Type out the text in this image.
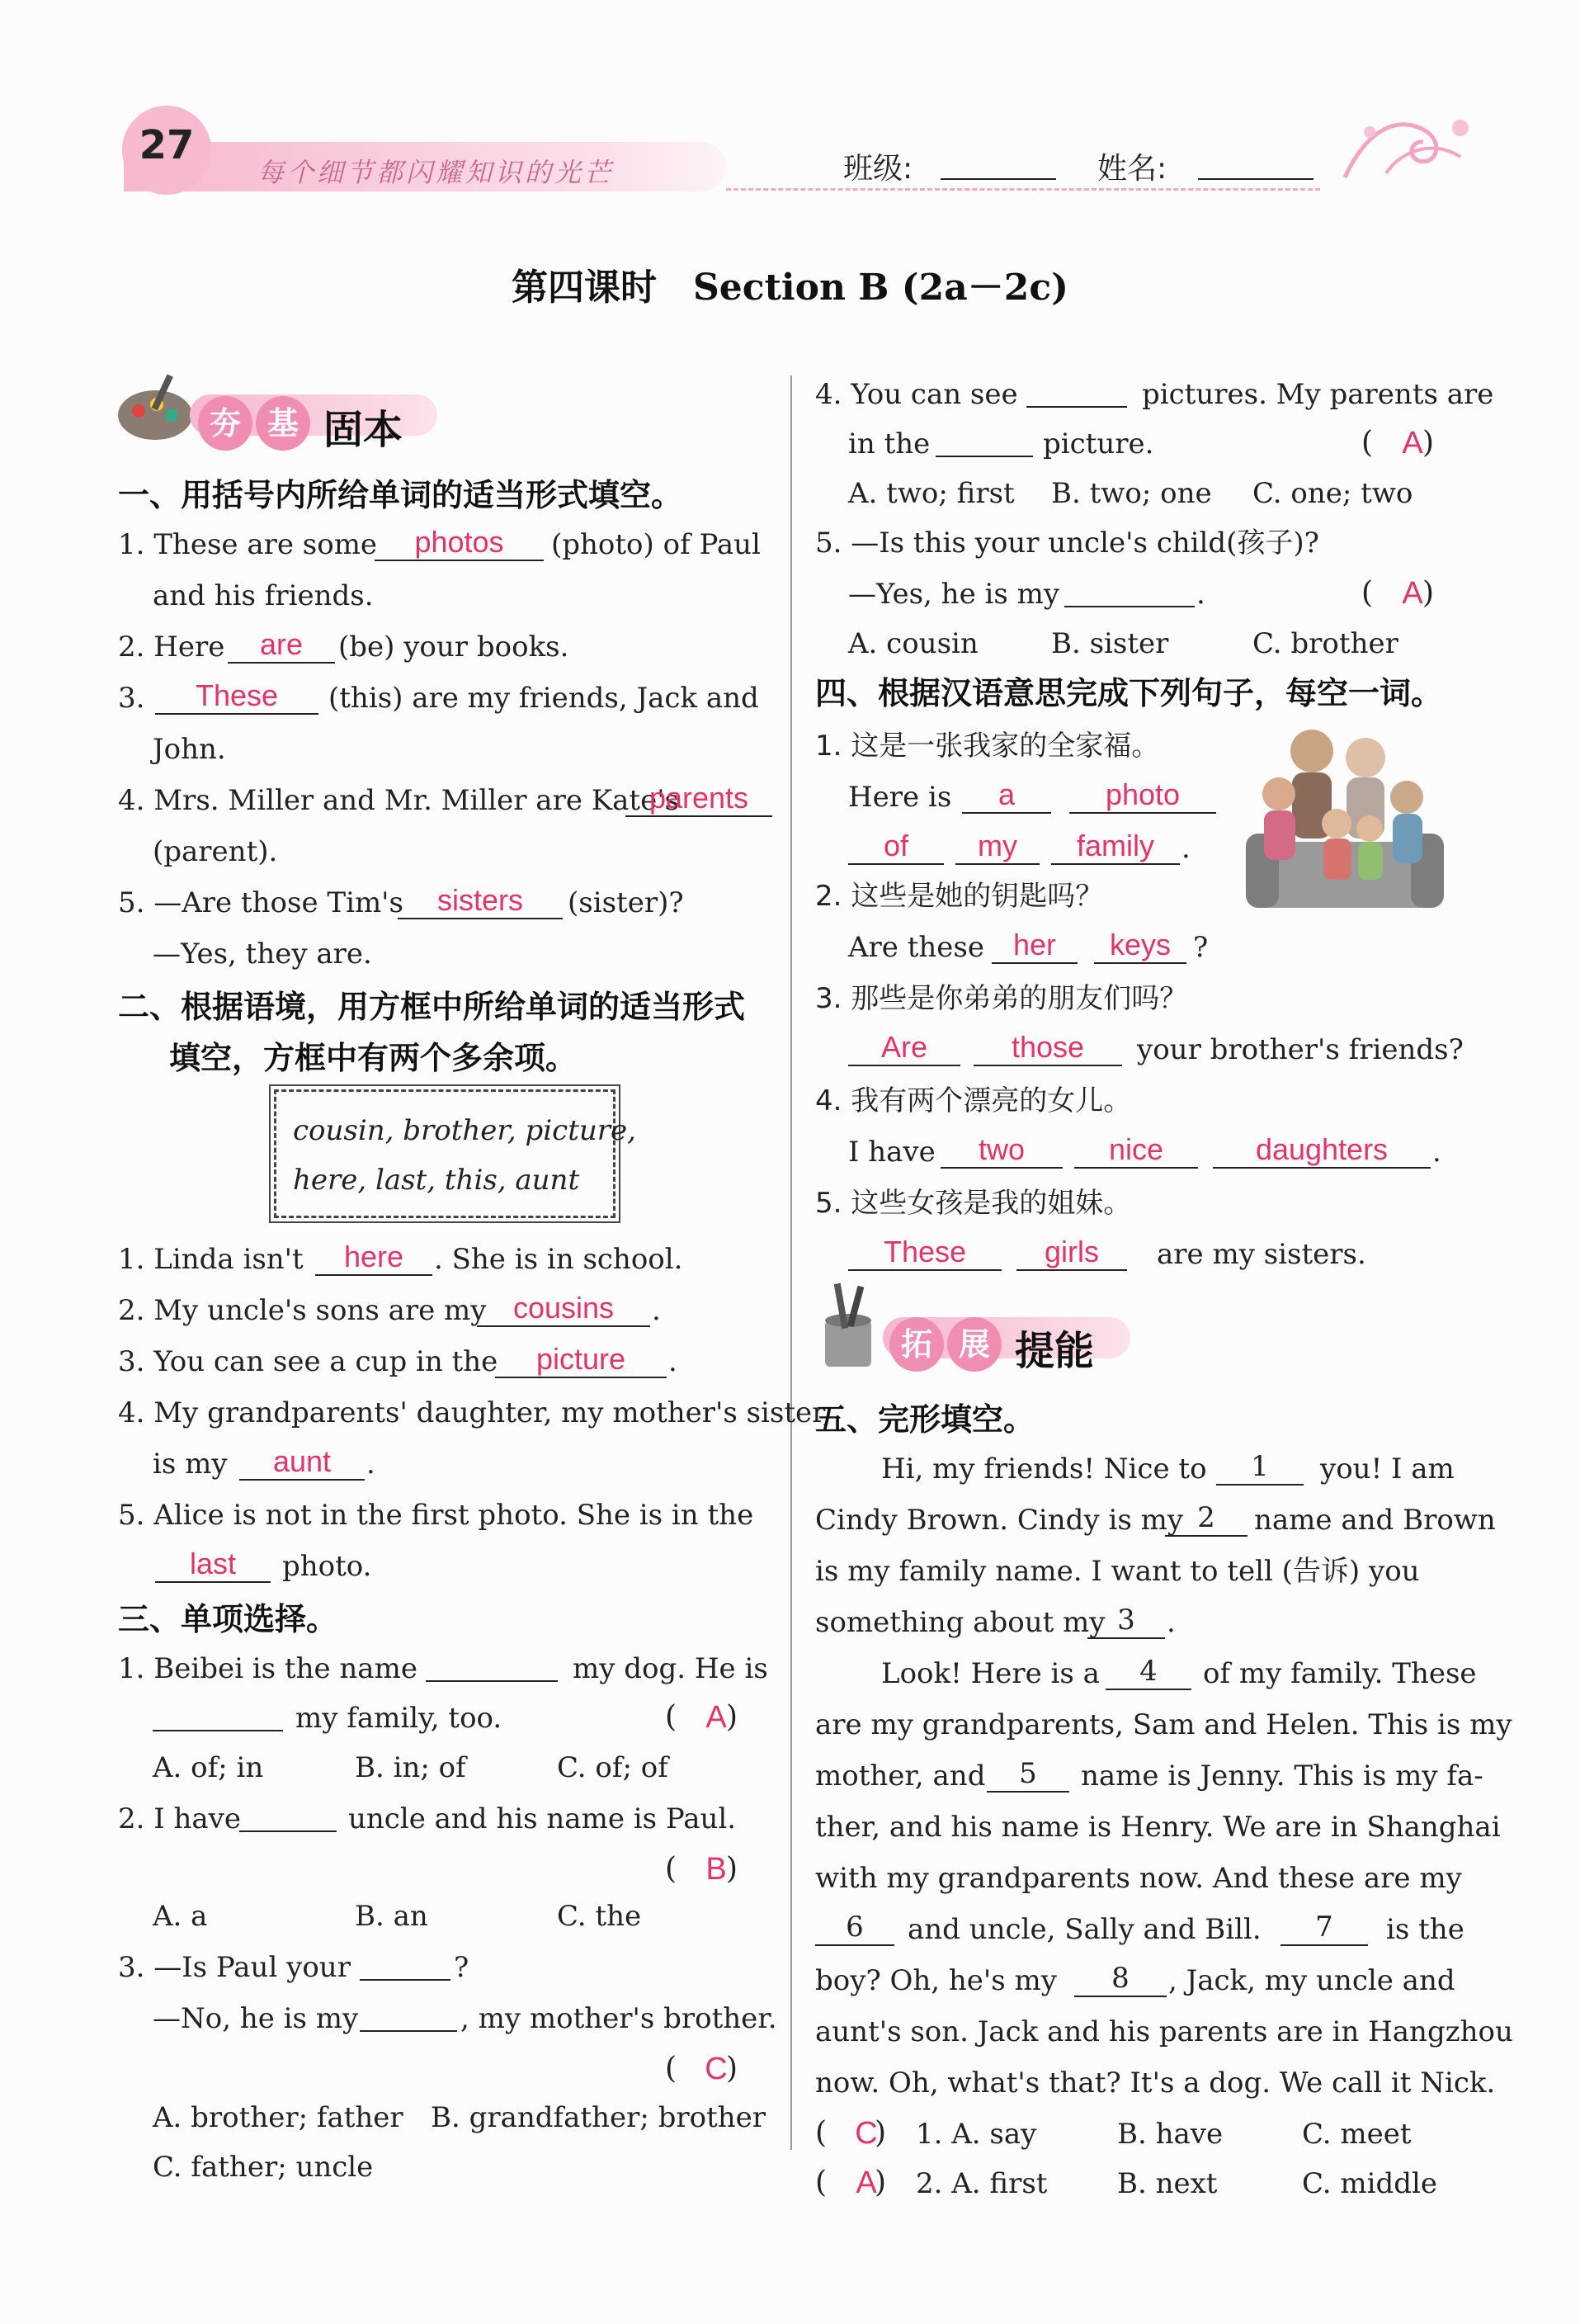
27
每个细节都闪耀知识的光芒	班级:	姓名:
第四课时　Section B (2a－2c)
夯 基 固本
一、用括号内所给单词的适当形式填空。
1. These are some	photos	(photo) of Paul
and his friends.
2. Here	are	(be) your books.
3.	These	(this) are my friends, Jack and
John.
4. Mrs. Miller and Mr. Miller are Kate's
parents
(parent).
5. —Are those Tim's	sisters	(sister)?
—Yes, they are.
二、根据语境，用方框中所给单词的适当形式
填空，方框中有两个多余项。
cousin, brother, picture,
here, last, this, aunt
1. Linda isn't	here	. She is in school.
2. My uncle's sons are my cousins	.
3. You can see a cup in the	picture	.
4. My grandparents' daughter, my mother's sister,
is my	aunt	.
5. Alice is not in the first photo. She is in the
last	photo.
三、单项选择。
1. Beibei is the name	my dog. He is
my family, too.	( )
A
A. of; in	B. in; of	C. of; of
2. I have	uncle and his name is Paul.
( )
B
A. a	B. an	C. the
3. —Is Paul your	?
—No, he is my	, my mother's brother.
( )
C
A. brother; father B. grandfather; brother
C. father; uncle
4. You can see	pictures. My parents are
in the	picture.	( )
A
A. two; first B. two; one C. one; two
5. —Is this your uncle's child(孩子)?
—Yes, he is my	.	( )
A
A. cousin	B. sister	C. brother
四、根据汉语意思完成下列句子，每空一词。
1. 这是一张我家的全家福。
Here is	a	photo
of	my	family .
2. 这些是她的钥匙吗？
Are these her	keys ?
3. 那些是你弟弟的朋友们吗？
Are	those	your brother's friends?
4. 我有两个漂亮的女儿。
I have	two	nice	daughters	.
5. 这些女孩是我的姐妹。
These	girls	are my sisters.
拓 展 提能
五、完形填空。
Hi, my friends! Nice to	1	you! I am
Cindy Brown. Cindy is my 2	name and Brown
is my family name. I want to tell (告诉) you
something about my 3	.
Look! Here is a	4	of my family. These
are my grandparents, Sam and Helen. This is my
mother, and	5	name is Jenny. This is my fa-
ther, and his name is Henry. We are in Shanghai
with my grandparents now. And these are my
6	and uncle, Sally and Bill.	7	is the
boy? Oh, he's my	8	, Jack, my uncle and
aunt's son. Jack and his parents are in Hangzhou
now. Oh, what's that? It's a dog. We call it Nick.
( )
C 1. A. say	B. have	C. meet
( )
A 2. A. first B. next	C. middle
